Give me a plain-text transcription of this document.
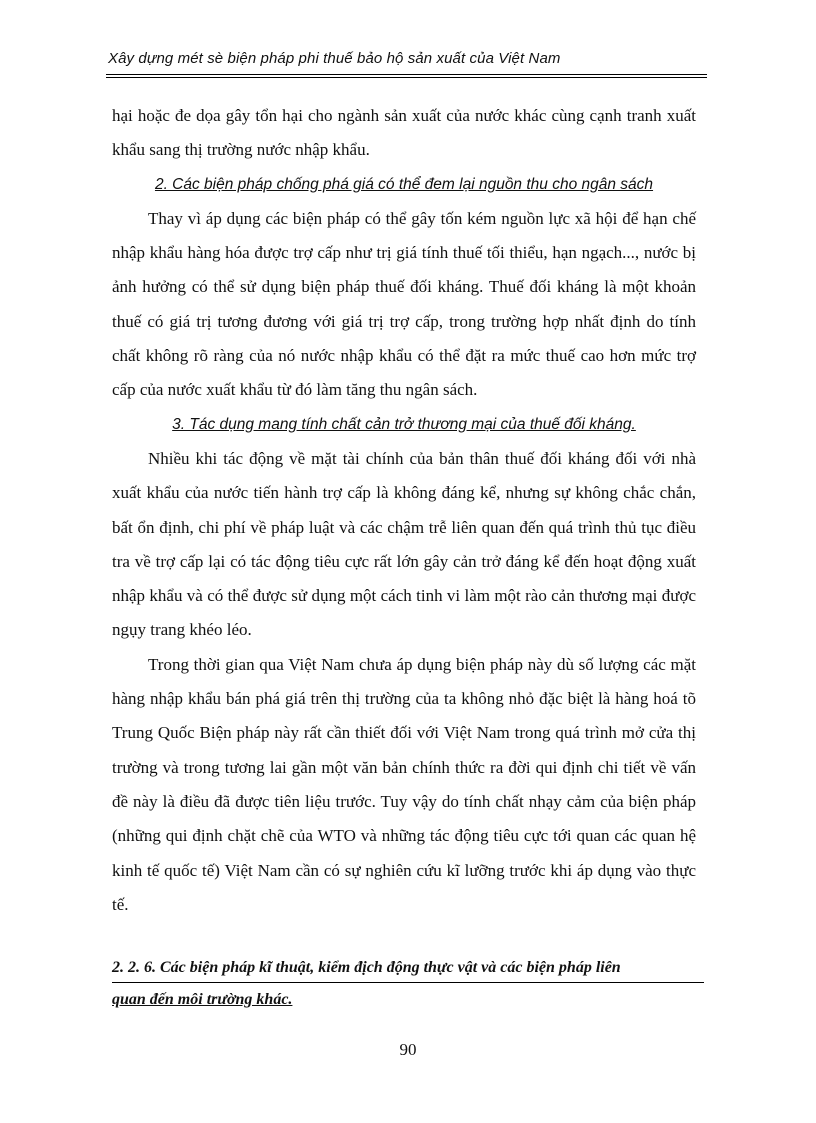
Xây dựng mét sè biện pháp phi thuế bảo hộ sản xuất của Việt Nam

hại hoặc đe dọa gây tổn hại cho ngành sản xuất của nước khác cùng cạnh tranh xuất khẩu sang thị trường nước nhập khẩu.

2. Các biện pháp chống phá giá có thể đem lại nguồn thu cho ngân sách

Thay vì áp dụng các biện pháp có thể gây tốn kém nguồn lực xã hội để hạn chế nhập khẩu hàng hóa được trợ cấp như trị giá tính thuế tối thiểu, hạn ngạch..., nước bị ảnh hưởng có thể sử dụng biện pháp thuế đối kháng. Thuế đối kháng là một khoản thuế có giá trị tương đương với giá trị trợ cấp, trong trường hợp nhất định do tính chất không rõ ràng của nó nước nhập khẩu có thể đặt ra mức thuế cao hơn mức trợ cấp của nước xuất khẩu từ đó làm tăng thu ngân sách.

3. Tác dụng mang tính chất cản trở thương mại của thuế đối kháng.

Nhiều khi tác động về mặt tài chính của bản thân thuế đối kháng đối với nhà xuất khẩu của nước tiến hành trợ cấp là không đáng kể, nhưng sự không chắc chắn, bất ổn định, chi phí về pháp luật và các chậm trễ liên quan đến quá trình thủ tục điều tra về trợ cấp lại có tác động tiêu cực rất lớn gây cản trở đáng kể đến hoạt động xuất nhập khẩu và có thể được sử dụng một cách tinh vi làm một rào cản thương mại được ngụy trang khéo léo.

Trong thời gian qua Việt Nam chưa áp dụng biện pháp này dù số lượng các mặt hàng nhập khẩu bán phá giá trên thị trường của ta không nhỏ đặc biệt là hàng hoá tõ Trung Quốc Biện pháp này rất cần thiết đối với Việt Nam trong quá trình mở cửa thị trường và trong tương lai gần một văn bản chính thức ra đời qui định chi tiết về vấn đề này là điều đã được tiên liệu trước. Tuy vậy do tính chất nhạy cảm của biện pháp (những qui định chặt chẽ của WTO và những tác động tiêu cực tới quan các quan hệ kinh tế quốc tế) Việt Nam cần có sự nghiên cứu kĩ lưỡng trước khi áp dụng vào thực tế.

2. 2. 6. Các biện pháp kĩ thuật, kiểm địch động thực vật và các biện pháp liên
quan đến môi trường khác.
90
